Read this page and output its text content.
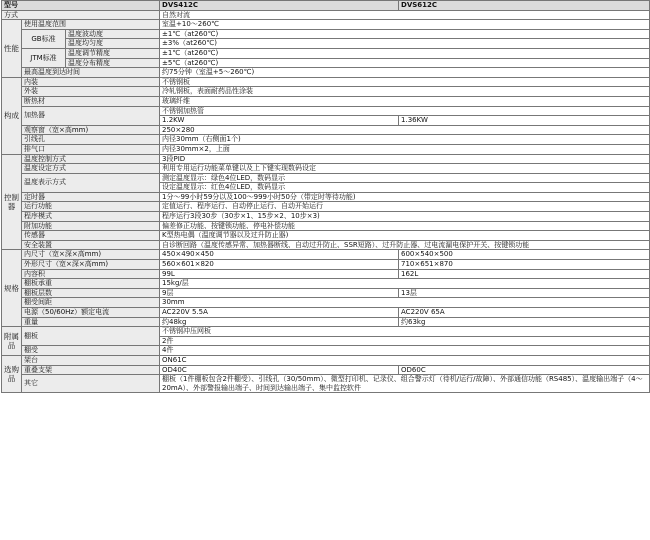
型号			DVS412C	DVS612C
方式			自然对流	
性能	使用温度范围		室温+10～260℃	
	GB标准	温度波动度	±1℃（at260℃)	
		温度均匀度	±3%（at260℃)	
	JTM标准	温度调节精度	±1℃（at260℃)	
		温度分布精度	±5℃（at260℃)	
	最高温度到达时间		约75分钟（室温+5～260℃)	
构成	内装		不锈钢板	
	外装		冷轧钢板，表面耐药品性涂装	
	断热材		玻璃纤维	
	加热器		不锈钢加热管	
			1.2KW	1.36KW
	观察窗（宽×高mm)		250×280	
	引线孔		内径30mm（右侧面1个)	
	排气口		内径30mm×2，上面	
控制器	温度控制方式		3段PID	
	温度设定方式		利用专用运行功能菜单键以及上下键实现数码设定	
	温度表示方式		测定温度显示：绿色4位LED，数码显示	
			设定温度显示：红色4位LED，数码显示	
	定时器		1分～99小时59分以及100～999小时50分（带定时等待功能)	
	运行功能		定值运行、程序运行、自动停止运行、自动开始运行	
	程序模式		程序运行3段30步（30步×1、15步×2、10步×3)	
	附加功能		偏差修正功能、按键锁功能、停电补偿功能	
	传感器		K型热电偶（温度调节器以及过升防止器)	
	安全装置		自诊断回路（温度传感异常、加热器断线、自动过升防止、SSR短路）、过升防止器、过电流漏电保护开关、按键锁功能	
规格	内尺寸（宽×深×高mm)		450×490×450	600×540×500
	外形尺寸（宽×深×高mm)		560×601×820	710×651×870
	内容积		99L	162L
	棚板承重		15kg/层	
	棚板层数		9层	13层
	棚受间距		30mm	
	电源（50/60Hz）额定电流		AC220V 5.5A	AC220V 65A
	重量		约48kg	约63kg
附属品	棚板		不锈钢冲压网板	
			2件	
	棚受		4件	
选购品	架台		ON61C	
	重叠支架		OD40C	OD60C
	其它		棚板（1件棚板包含2件棚受）、引线孔（30/50mm）、微型打印机、记录仪、组合警示灯（待机/运行/故障）、外部通信功能（RS485）、温度输出端子（4～20mA）、外部警报输出端子、时间到达输出端子、集中监控软件	
